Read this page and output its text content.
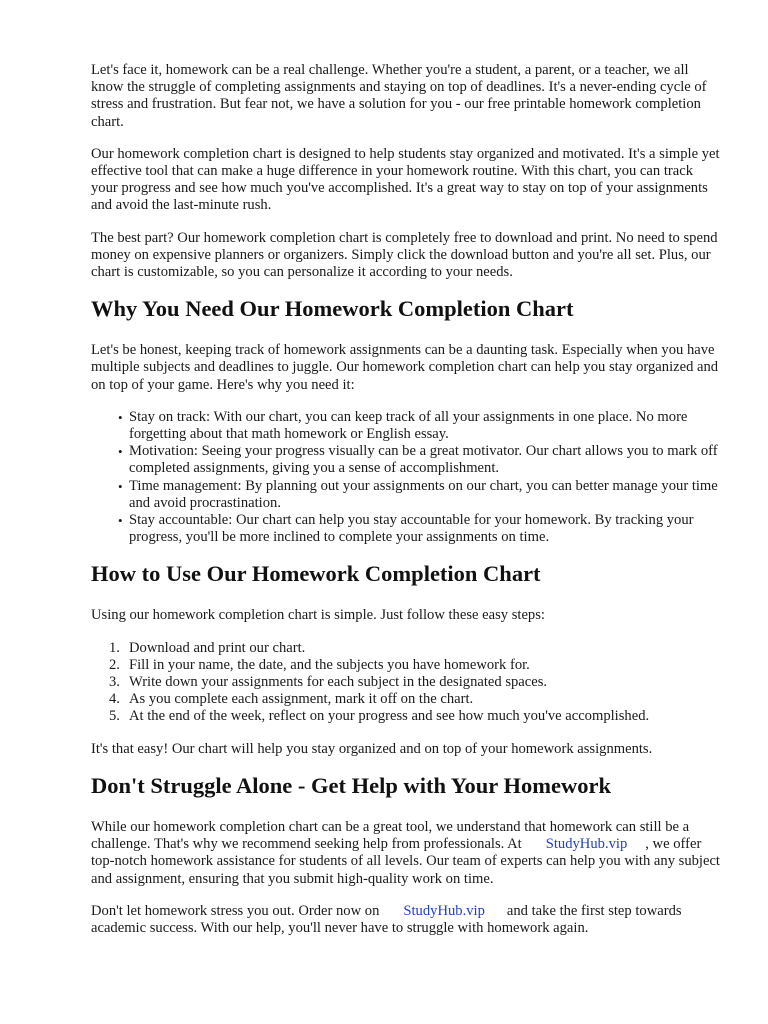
Let's face it, homework can be a real challenge. Whether you're a student, a parent, or a teacher, we all know the struggle of completing assignments and staying on top of deadlines. It's a never-ending cycle of stress and frustration. But fear not, we have a solution for you - our free printable homework completion chart.

Our homework completion chart is designed to help students stay organized and motivated. It's a simple yet effective tool that can make a huge difference in your homework routine. With this chart, you can track your progress and see how much you've accomplished. It's a great way to stay on top of your assignments and avoid the last-minute rush.

The best part? Our homework completion chart is completely free to download and print. No need to spend money on expensive planners or organizers. Simply click the download button and you're all set. Plus, our chart is customizable, so you can personalize it according to your needs.

Why You Need Our Homework Completion Chart

Let's be honest, keeping track of homework assignments can be a daunting task. Especially when you have multiple subjects and deadlines to juggle. Our homework completion chart can help you stay organized and on top of your game. Here's why you need it:

• Stay on track: With our chart, you can keep track of all your assignments in one place. No more forgetting about that math homework or English essay.
• Motivation: Seeing your progress visually can be a great motivator. Our chart allows you to mark off completed assignments, giving you a sense of accomplishment.
• Time management: By planning out your assignments on our chart, you can better manage your time and avoid procrastination.
• Stay accountable: Our chart can help you stay accountable for your homework. By tracking your progress, you'll be more inclined to complete your assignments on time.
How to Use Our Homework Completion Chart

Using our homework completion chart is simple. Just follow these easy steps:

1. Download and print our chart.
2. Fill in your name, the date, and the subjects you have homework for.
3. Write down your assignments for each subject in the designated spaces.
4. As you complete each assignment, mark it off on the chart.
5. At the end of the week, reflect on your progress and see how much you've accomplished.

It's that easy! Our chart will help you stay organized and on top of your homework assignments.

Don't Struggle Alone - Get Help with Your Homework

While our homework completion chart can be a great tool, we understand that homework can still be a challenge. That's why we recommend seeking help from professionals. At StudyHub.vip , we offer top-notch homework assistance for students of all levels. Our team of experts can help you with any subject and assignment, ensuring that you submit high-quality work on time.

Don't let homework stress you out. Order now on StudyHub.vip and take the first step towards academic success. With our help, you'll never have to struggle with homework again.
